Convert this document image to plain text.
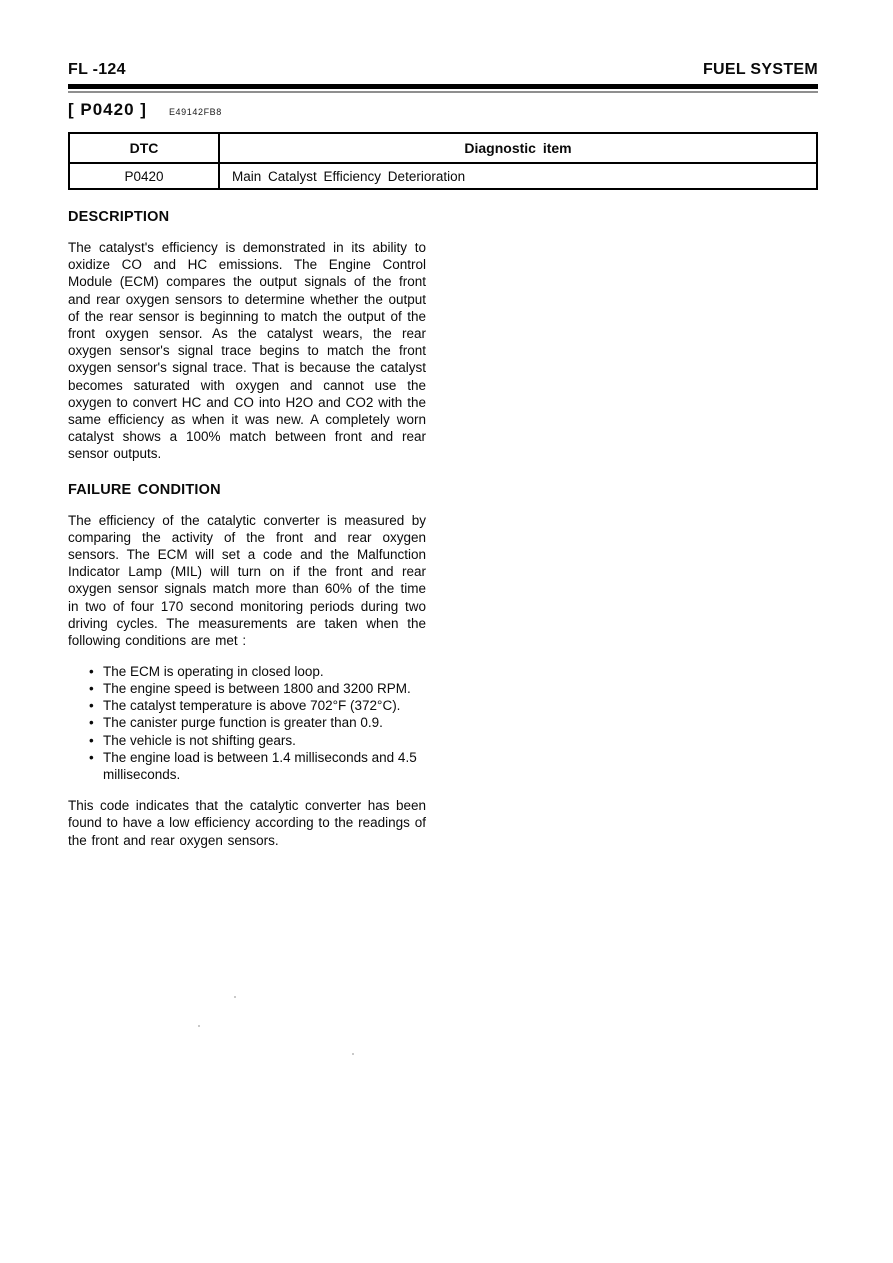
FL -124	FUEL SYSTEM
[ P0420 ] E49142FB8
DTC	Diagnostic item
P0420	Main Catalyst Efficiency Deterioration
DESCRIPTION

The catalyst's efficiency is demonstrated in its ability to oxidize CO and HC emissions. The Engine Control Module (ECM) compares the output signals of the front and rear oxygen sensors to determine whether the output of the rear sensor is beginning to match the output of the front oxygen sensor. As the catalyst wears, the rear oxygen sensor's signal trace begins to match the front oxygen sensor's signal trace. That is because the catalyst becomes saturated with oxygen and cannot use the oxygen to convert HC and CO into H2O and CO2 with the same efficiency as when it was new. A completely worn catalyst shows a 100% match between front and rear sensor outputs.

FAILURE CONDITION

The efficiency of the catalytic converter is measured by comparing the activity of the front and rear oxygen sensors. The ECM will set a code and the Malfunction Indicator Lamp (MIL) will turn on if the front and rear oxygen sensor signals match more than 60% of the time in two of four 170 second monitoring periods during two driving cycles. The measurements are taken when the following conditions are met :

• The ECM is operating in closed loop.
• The engine speed is between 1800 and 3200 RPM.
• The catalyst temperature is above 702°F (372°C).
• The canister purge function is greater than 0.9.
• The vehicle is not shifting gears.
• The engine load is between 1.4 milliseconds and 4.5 milliseconds.

This code indicates that the catalytic converter has been found to have a low efficiency according to the readings of the front and rear oxygen sensors.
